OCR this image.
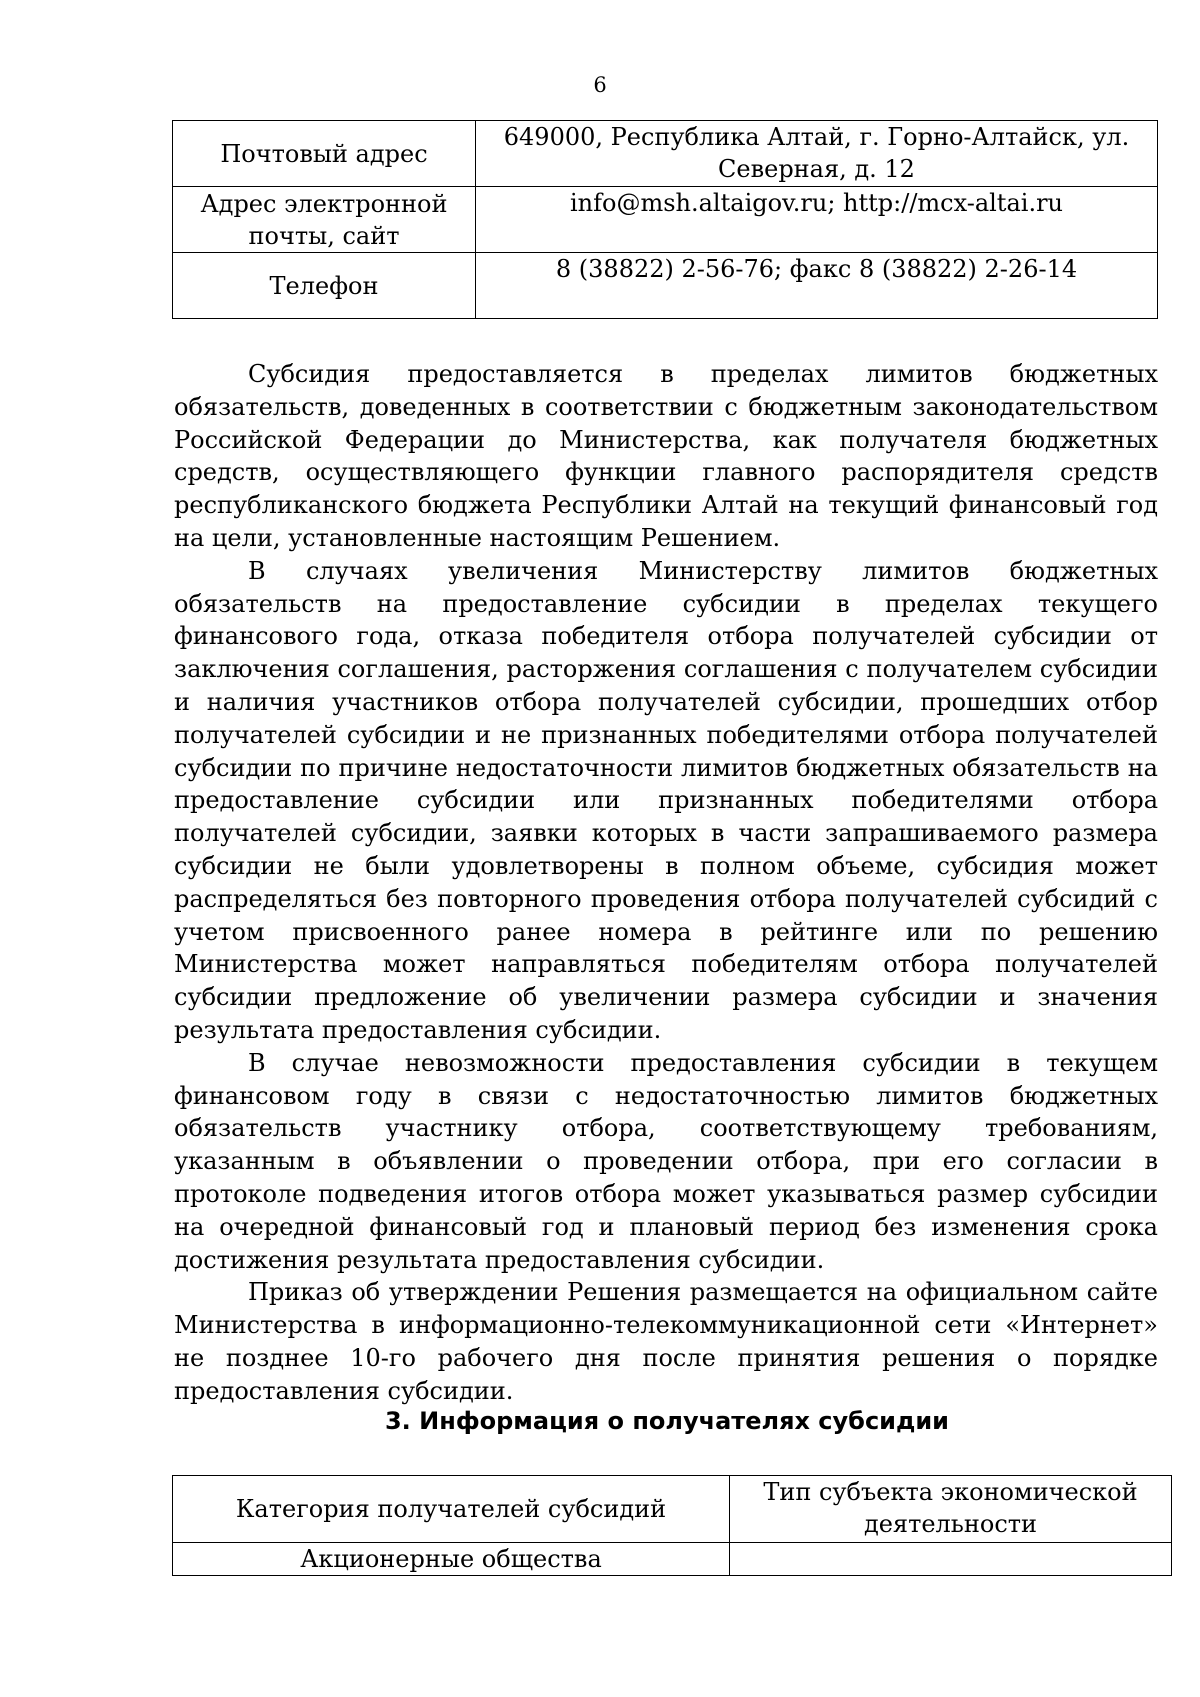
6
Почтовый адрес	649000, Республика Алтай, г. Горно-Алтайск, ул. Северная, д. 12
Адрес электронной почты, сайт	info@msh.altaigov.ru; http://mcx-altai.ru
Телефон	8 (38822) 2-56-76; факс 8 (38822) 2-26-14

Субсидия предоставляется в пределах лимитов бюджетных обязательств, доведенных в соответствии с бюджетным законодательством Российской Федерации до Министерства, как получателя бюджетных средств, осуществляющего функции главного распорядителя средств республиканского бюджета Республики Алтай на текущий финансовый год на цели, установленные настоящим Решением.

В случаях увеличения Министерству лимитов бюджетных обязательств на предоставление субсидии в пределах текущего финансового года, отказа победителя отбора получателей субсидии от заключения соглашения, расторжения соглашения с получателем субсидии и наличия участников отбора получателей субсидии, прошедших отбор получателей субсидии и не признанных победителями отбора получателей субсидии по причине недостаточности лимитов бюджетных обязательств на предоставление субсидии или признанных победителями отбора получателей субсидии, заявки которых в части запрашиваемого размера субсидии не были удовлетворены в полном объеме, субсидия может распределяться без повторного проведения отбора получателей субсидий с учетом присвоенного ранее номера в рейтинге или по решению Министерства может направляться победителям отбора получателей субсидии предложение об увеличении размера субсидии и значения результата предоставления субсидии.

В случае невозможности предоставления субсидии в текущем финансовом году в связи с недостаточностью лимитов бюджетных обязательств участнику отбора, соответствующему требованиям, указанным в объявлении о проведении отбора, при его согласии в протоколе подведения итогов отбора может указываться размер субсидии на очередной финансовый год и плановый период без изменения срока достижения результата предоставления субсидии.

Приказ об утверждении Решения размещается на официальном сайте Министерства в информационно-телекоммуникационной сети «Интернет» не позднее 10-го рабочего дня после принятия решения о порядке предоставления субсидии.

3. Информация о получателях субсидии
Категория получателей субсидий	Тип субъекта экономической деятельности
Акционерные общества	
